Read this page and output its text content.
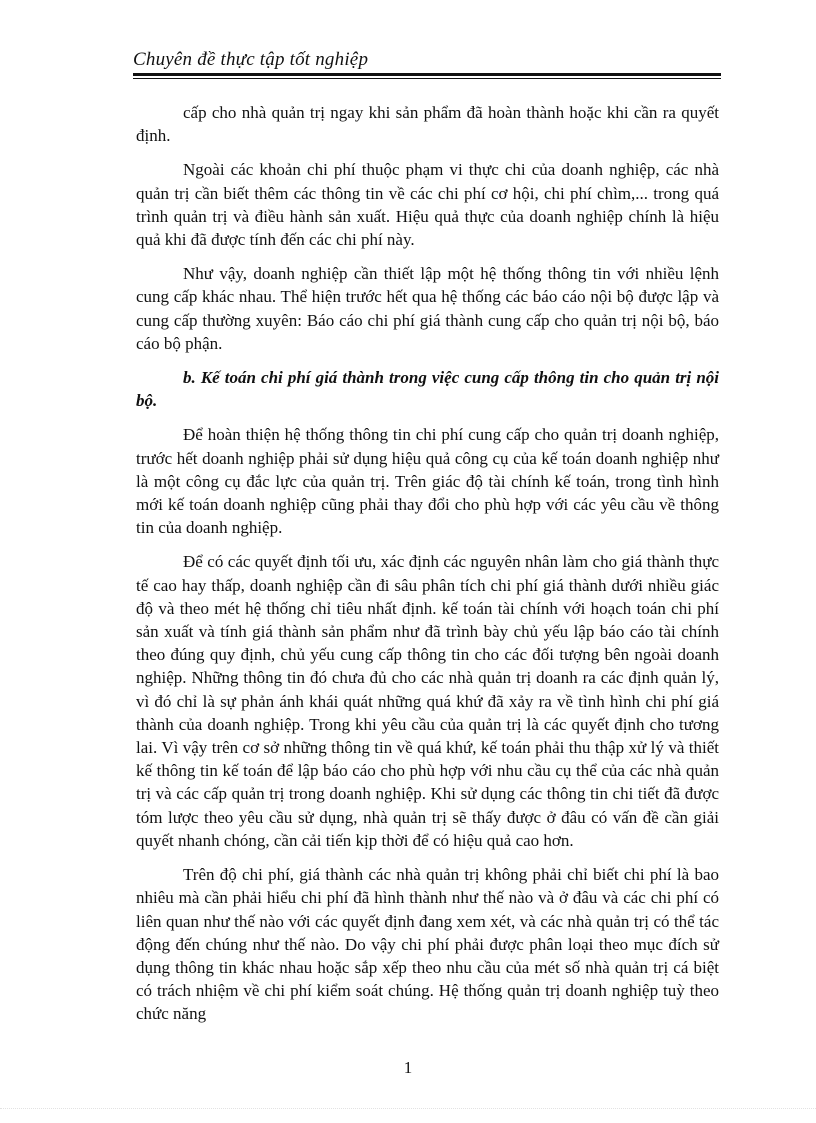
Chuyên đề thực tập tốt nghiệp

cấp cho nhà quản trị ngay khi sản phẩm đã hoàn thành hoặc khi cần ra quyết định.

Ngoài các khoản chi phí thuộc phạm vi thực chi của doanh nghiệp, các nhà quản trị cần biết thêm các thông tin về các chi phí cơ hội, chi phí chìm,... trong quá trình quản trị và điều hành sản xuất. Hiệu quả thực của doanh nghiệp chính là hiệu quả khi đã được tính đến các chi phí này.

Như vậy, doanh nghiệp cần thiết lập một hệ thống thông tin với nhiều lệnh cung cấp khác nhau. Thể hiện trước hết qua hệ thống các báo cáo nội bộ được lập và cung cấp thường xuyên: Báo cáo chi phí giá thành cung cấp cho quản trị nội bộ, báo cáo bộ phận.

b. Kế toán chi phí giá thành trong việc cung cấp thông tin cho quản trị nội bộ.

Để hoàn thiện hệ thống thông tin chi phí cung cấp cho quản trị doanh nghiệp, trước hết doanh nghiệp phải sử dụng hiệu quả công cụ của kế toán doanh nghiệp như là một công cụ đắc lực của quản trị. Trên giác độ tài chính kế toán, trong tình hình mới kế toán doanh nghiệp cũng phải thay đổi cho phù hợp với các yêu cầu về thông tin của doanh nghiệp.

Để có các quyết định tối ưu, xác định các nguyên nhân làm cho giá thành thực tế cao hay thấp, doanh nghiệp cần đi sâu phân tích chi phí giá thành dưới nhiều giác độ và theo mét hệ thống chỉ tiêu nhất định. kế toán tài chính với hoạch toán chi phí sản xuất và tính giá thành sản phẩm như đã trình bày chủ yếu lập báo cáo tài chính theo đúng quy định, chủ yếu cung cấp thông tin cho các đối tượng bên ngoài doanh nghiệp. Những thông tin đó chưa đủ cho các nhà quản trị doanh ra các định quản lý, vì đó chỉ là sự phản ánh khái quát những quá khứ đã xảy ra về tình hình chi phí giá thành của doanh nghiệp. Trong khi yêu cầu của quản trị là các quyết định cho tương lai. Vì vậy trên cơ sở những thông tin về quá khứ, kế toán phải thu thập xử lý và thiết kế thông tin kế toán để lập báo cáo cho phù hợp với nhu cầu cụ thể của các nhà quản trị và các cấp quản trị trong doanh nghiệp. Khi sử dụng các thông tin chi tiết đã được tóm lược theo yêu cầu sử dụng, nhà quản trị sẽ thấy được ở đâu có vấn đề cần giải quyết nhanh chóng, cần cải tiến kịp thời để có hiệu quả cao hơn.

Trên độ chi phí, giá thành các nhà quản trị không phải chỉ biết chi phí là bao nhiêu mà cần phải hiểu chi phí đã hình thành như thế nào và ở đâu và các chi phí có liên quan như thế nào với các quyết định đang xem xét, và các nhà quản trị có thể tác động đến chúng như thế nào. Do vậy chi phí phải được phân loại theo mục đích sử dụng thông tin khác nhau hoặc sắp xếp theo nhu cầu của mét số nhà quản trị cá biệt có trách nhiệm về chi phí kiểm soát chúng. Hệ thống quản trị doanh nghiệp tuỳ theo chức năng

1
